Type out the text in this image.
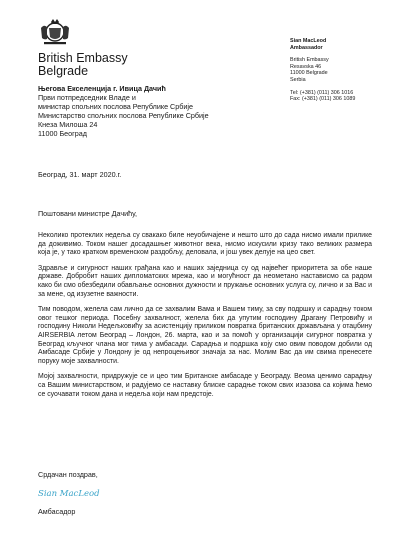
British Embassy
Belgrade
Sian MacLeod
Ambassador
British Embassy
Resavska 46
11000 Belgrade
Serbia
Tel: (+381) (011) 306 1016
Fax: (+381) (011) 306 1089
Његова Екселенција г. Ивица Дачић
Први потпредседник Владе и
министар спољних послова Републике Србије
Министарство спољних послова Републике Србије
Кнеза Милоша 24
11000 Београд
Београд, 31. март 2020.г.
Поштовани министре Дачићу,

Неколико протеклих недеља су свакако биле неуобичајене и нешто што до сада нисмо имали прилике да доживимо. Током нашег досадашњег животног века, нисмо искусили кризу тако великих размера која је, у тако кратком временском раздобљу, деловала, и још увек делује на цео свет.

Здравље и сигурност наших грађана као и наших заједница су од највећег приоритета за обе наше државе. Добробит наших дипломатских мрежа, као и могућност да неометано настависмо са радом како би смо обезбедили обављање основних дужности и пружање основних услуга су, лично и за Вас и за мене, од изузетне важности.

Тим поводом, желела сам лично да се захвалим Вама и Вашем тиму, за сву подршку и сарадњу током овог тешког периода. Посебну захвалност, желела бих да упутим господину Драгану Петровићу и господину Николи Недељковићу за асистенцију приликом повратка британских држављана у отаџбину AIRSERBIA летом Београд – Лондон, 26. марта, као и за помоћ у организацији сигурног повратка у Београд кључног члана мог тима у амбасади. Сарадња и подршка коју смо овим поводом добили од Амбасаде Србије у Лондону је од непроцењивог значаја за нас. Молим Вас да им свима пренесете поруку моје захвалности.

Мојој захвалности, придружује се и цео тим Британске амбасаде у Београду. Веома ценимо сарадњу са Вашим министарством, и радујемо се наставку блиске сарадње током свих изазова са којима ћемо се суочавати током дана и недеља који нам предстоје.

Срдачан поздрав,
Sian MacLeod
Амбасадор
